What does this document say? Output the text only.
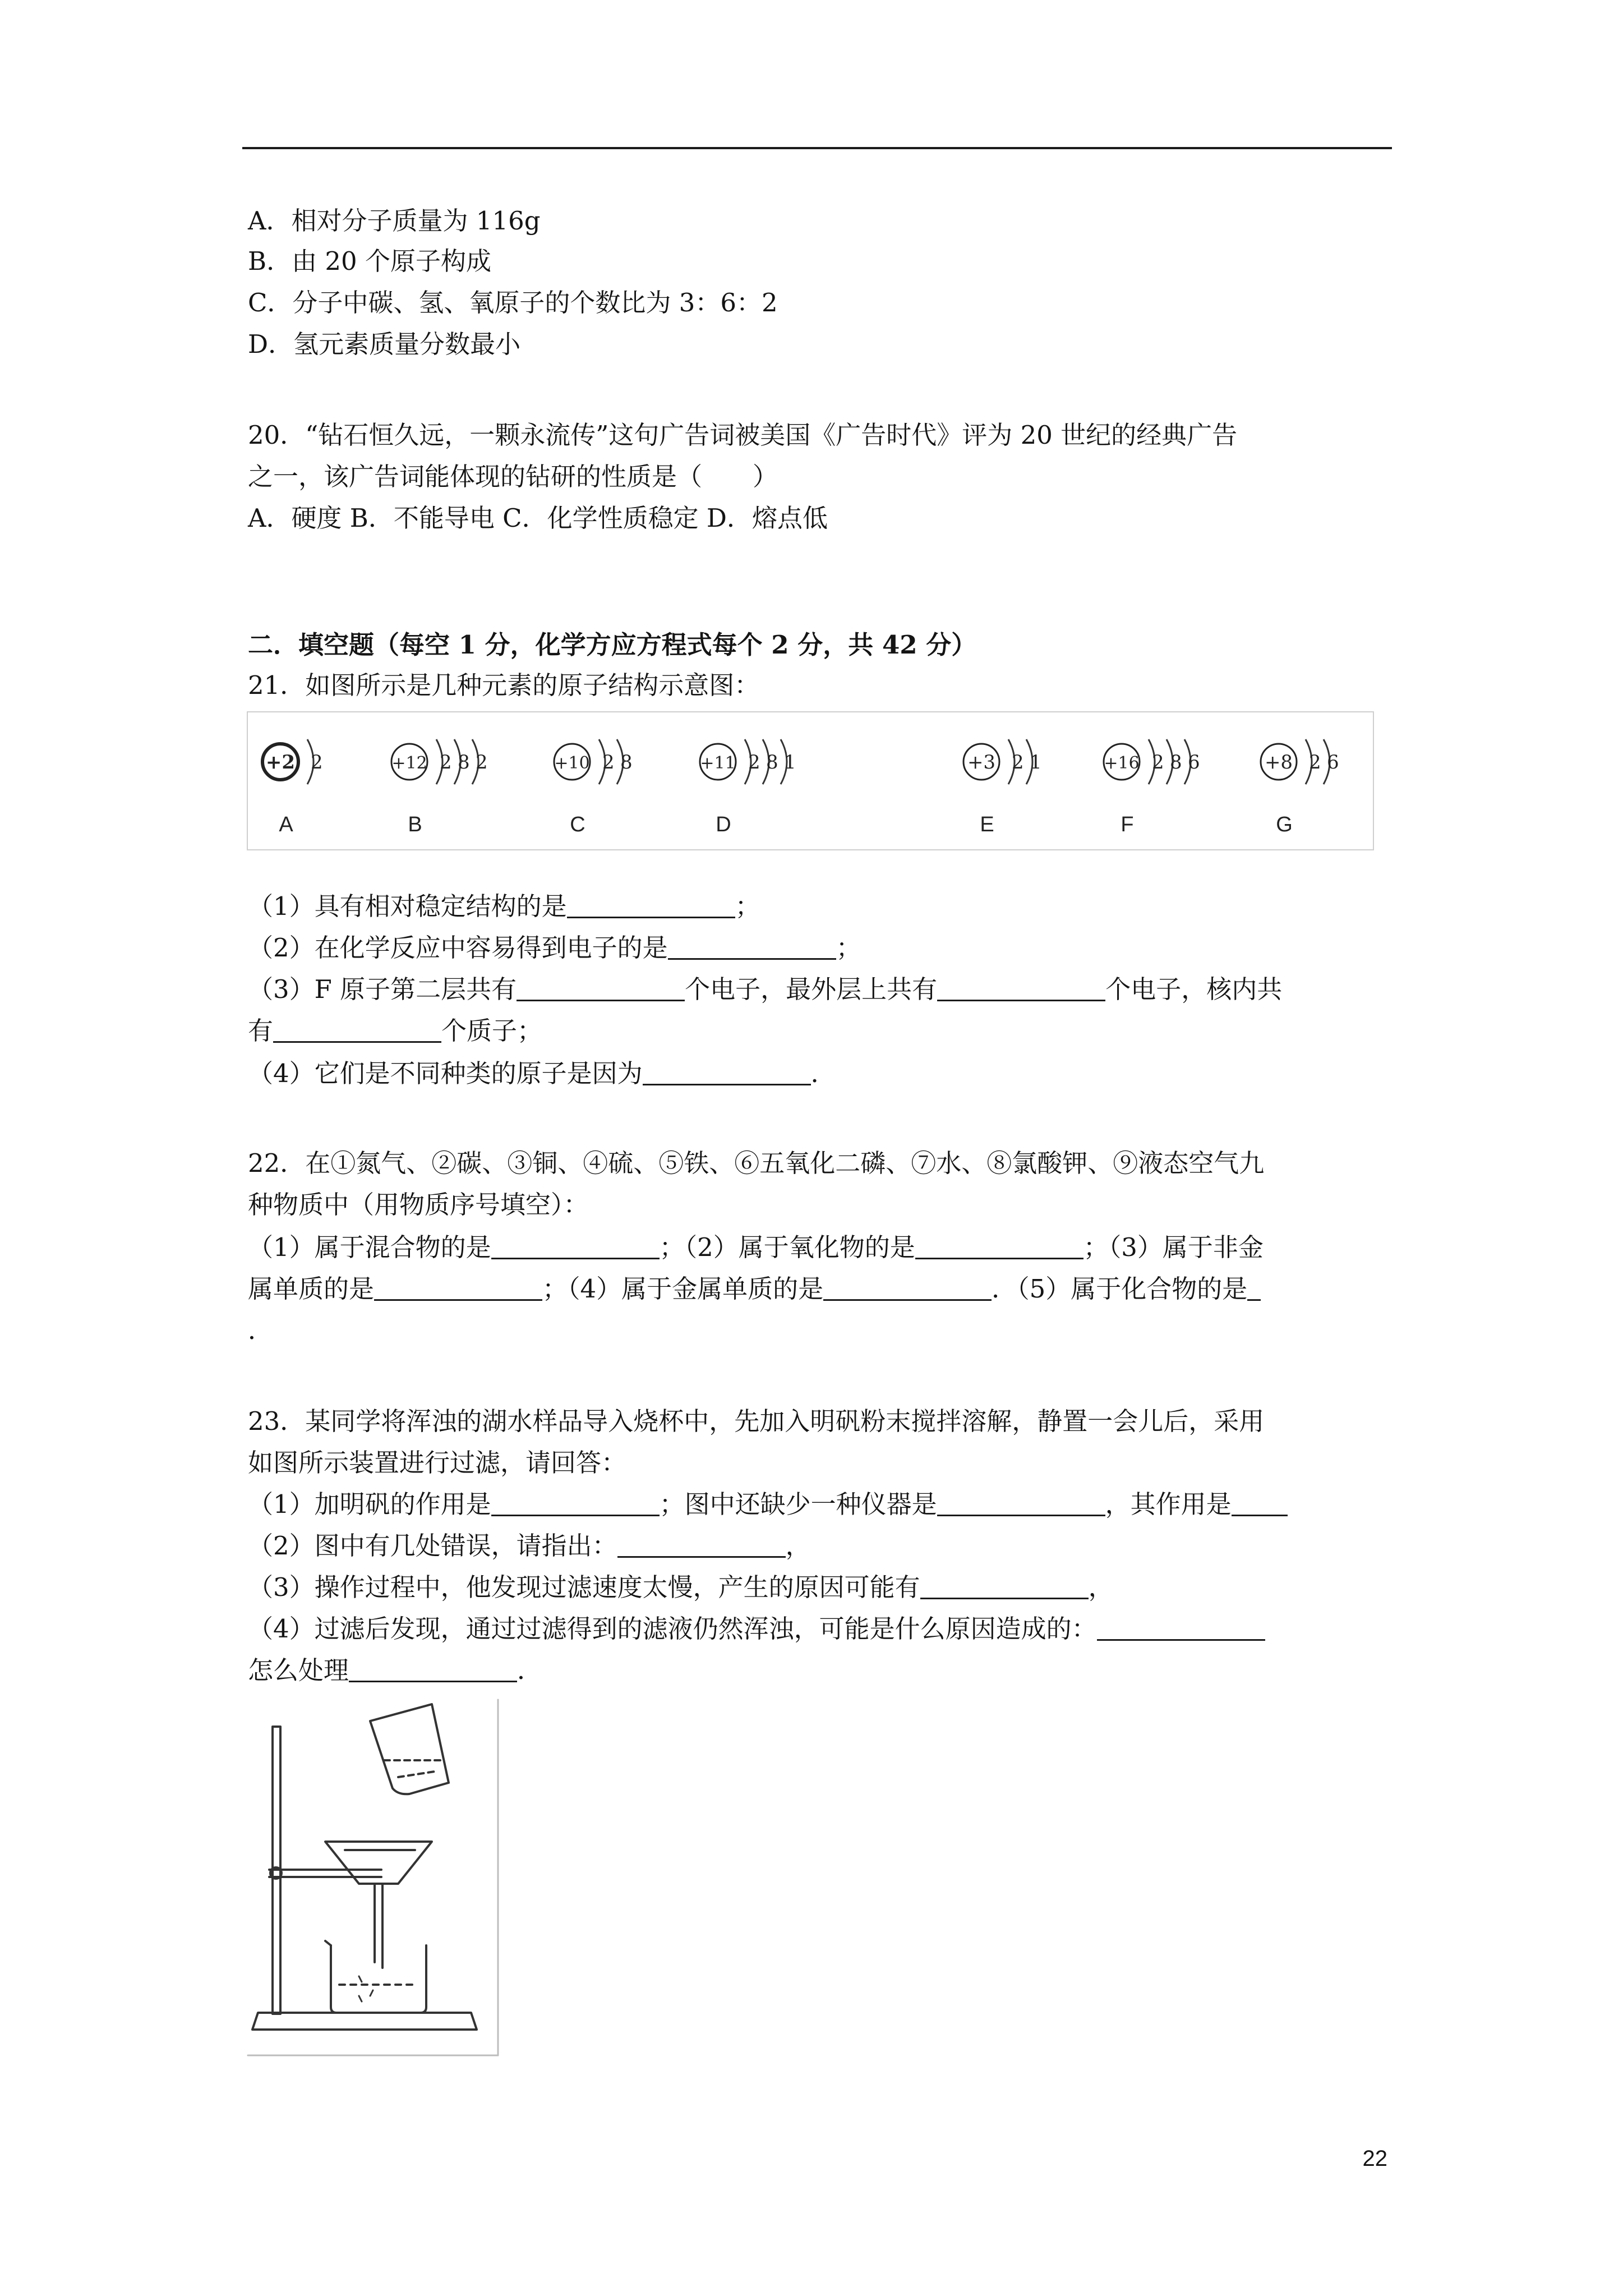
A．相对分子质量为 116g
B．由 20 个原子构成
C．分子中碳、氢、氧原子的个数比为 3：6：2
D．氢元素质量分数最小
20．“钻石恒久远，一颗永流传”这句广告词被美国《广告时代》评为 20 世纪的经典广告
之一，该广告词能体现的钻研的性质是（　　）
A．硬度 B．不能导电 C．化学性质稳定 D．熔点低
二．填空题（每空 1 分，化学方应方程式每个 2 分，共 42 分）
21．如图所示是几种元素的原子结构示意图：
+2 2
A
+12 2 8 2
B
+10 2 8
C
+11 2 8 1
D
+3 2 1
E
+16 2 8 6
F
+8 2 6
G
（1）具有相对稳定结构的是	；
（2）在化学反应中容易得到电子的是	；
（3）F 原子第二层共有	个电子，最外层上共有	个电子，核内共
有	个质子；
（4）它们是不同种类的原子是因为	．
22．在①氮气、②碳、③铜、④硫、⑤铁、⑥五氧化二磷、⑦水、⑧氯酸钾、⑨液态空气九
种物质中（用物质序号填空）：
（1）属于混合物的是	；（2）属于氧化物的是	；（3）属于非金
属单质的是	；（4）属于金属单质的是	．（5）属于化合物的是
．
23．某同学将浑浊的湖水样品导入烧杯中，先加入明矾粉末搅拌溶解，静置一会儿后，采用
如图所示装置进行过滤，请回答：
（1）加明矾的作用是	；图中还缺少一种仪器是	，其作用是
（2）图中有几处错误，请指出：	，
（3）操作过程中，他发现过滤速度太慢，产生的原因可能有	，
（4）过滤后发现，通过过滤得到的滤液仍然浑浊，可能是什么原因造成的：
怎么处理	．
22
